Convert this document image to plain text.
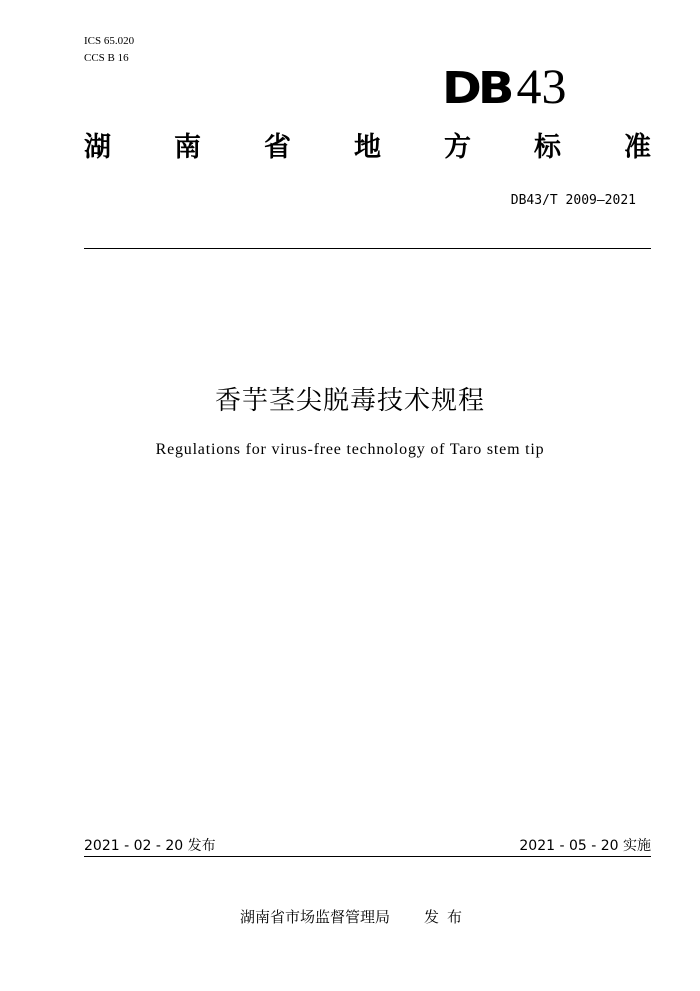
ICS 65.020
CCS B 16
DB 43
湖 南 省 地 方 标 准
DB43/T 2009—2021
香芋茎尖脱毒技术规程
Regulations for virus-free technology of Taro stem tip
2021 - 02 - 20 发布	2021 - 05 - 20 实施
湖南省市场监督管理局 发布
